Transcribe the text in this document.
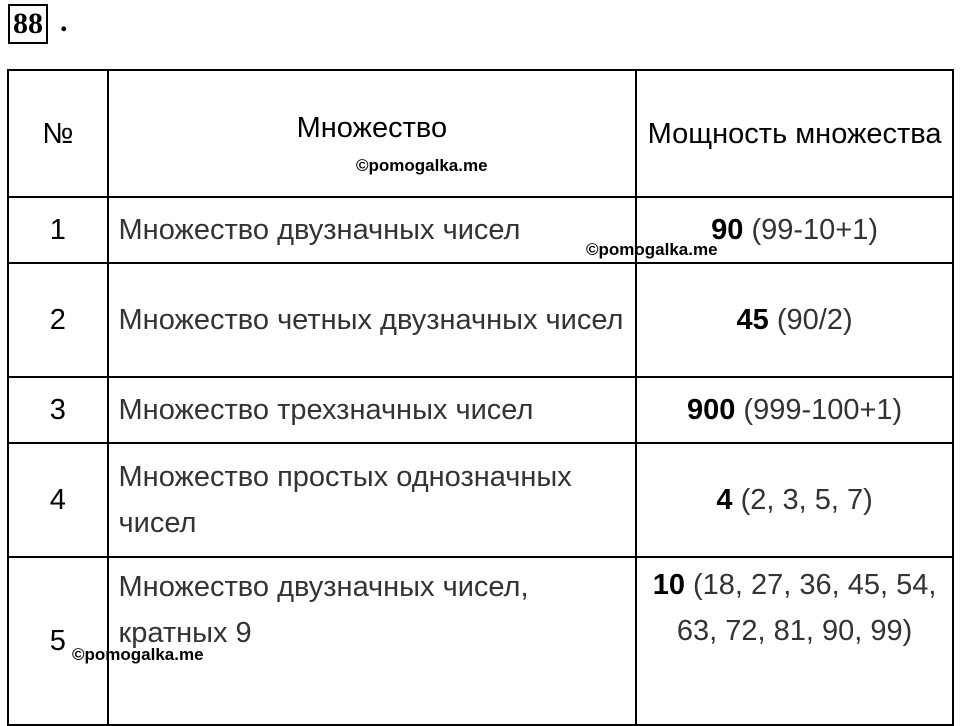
88 .
№	Множество	Мощность множества
1	Множество двузначных чисел	90 (99-10+1)
2	Множество четных двузначных чисел	45 (90/2)
3	Множество трехзначных чисел	900 (999-100+1)
4	Множество простых однозначных чисел	4 (2, 3, 5, 7)
5	Множество двузначных чисел, кратных 9	10 (18, 27, 36, 45, 54, 63, 72, 81, 90, 99)
©pomogalka.me
©pomogalka.me
©pomogalka.me
